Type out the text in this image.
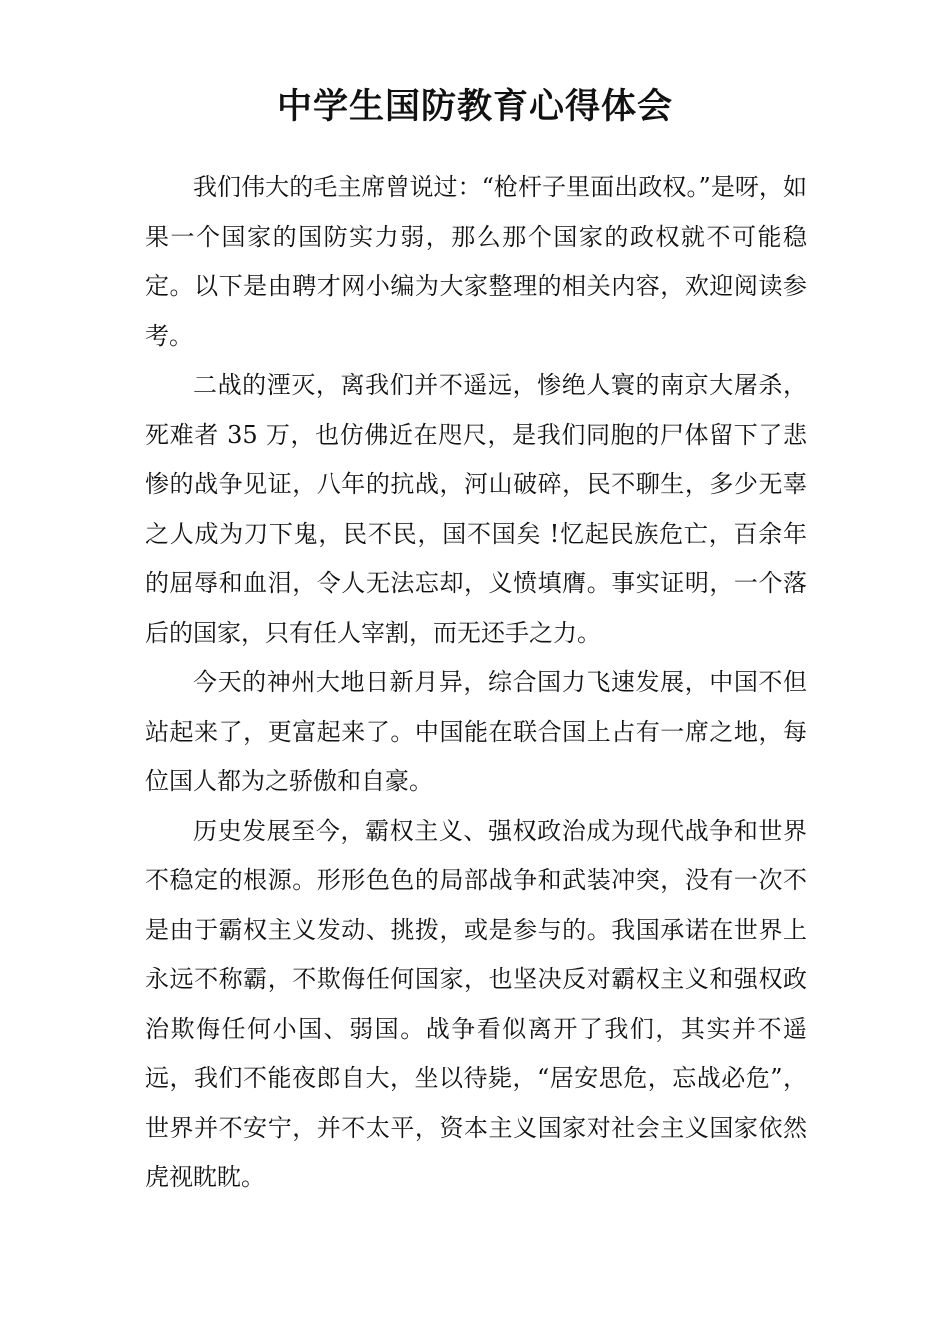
中学生国防教育心得体会

我们伟大的毛主席曾说过：“枪杆子里面出政权。”是呀，如果一个国家的国防实力弱，那么那个国家的政权就不可能稳定。以下是由聘才网小编为大家整理的相关内容，欢迎阅读参考。

二战的湮灭，离我们并不遥远，惨绝人寰的南京大屠杀，死难者 35 万，也仿佛近在咫尺，是我们同胞的尸体留下了悲惨的战争见证，八年的抗战，河山破碎，民不聊生，多少无辜之人成为刀下鬼，民不民，国不国矣 !忆起民族危亡，百余年的屈辱和血泪，令人无法忘却，义愤填膺。事实证明，一个落后的国家，只有任人宰割，而无还手之力。

今天的神州大地日新月异，综合国力飞速发展，中国不但站起来了，更富起来了。中国能在联合国上占有一席之地，每位国人都为之骄傲和自豪。

历史发展至今，霸权主义、强权政治成为现代战争和世界不稳定的根源。形形色色的局部战争和武装冲突，没有一次不是由于霸权主义发动、挑拨，或是参与的。我国承诺在世界上永远不称霸，不欺侮任何国家，也坚决反对霸权主义和强权政治欺侮任何小国、弱国。战争看似离开了我们，其实并不遥远，我们不能夜郎自大，坐以待毙，“居安思危，忘战必危”，世界并不安宁，并不太平，资本主义国家对社会主义国家依然虎视眈眈。
